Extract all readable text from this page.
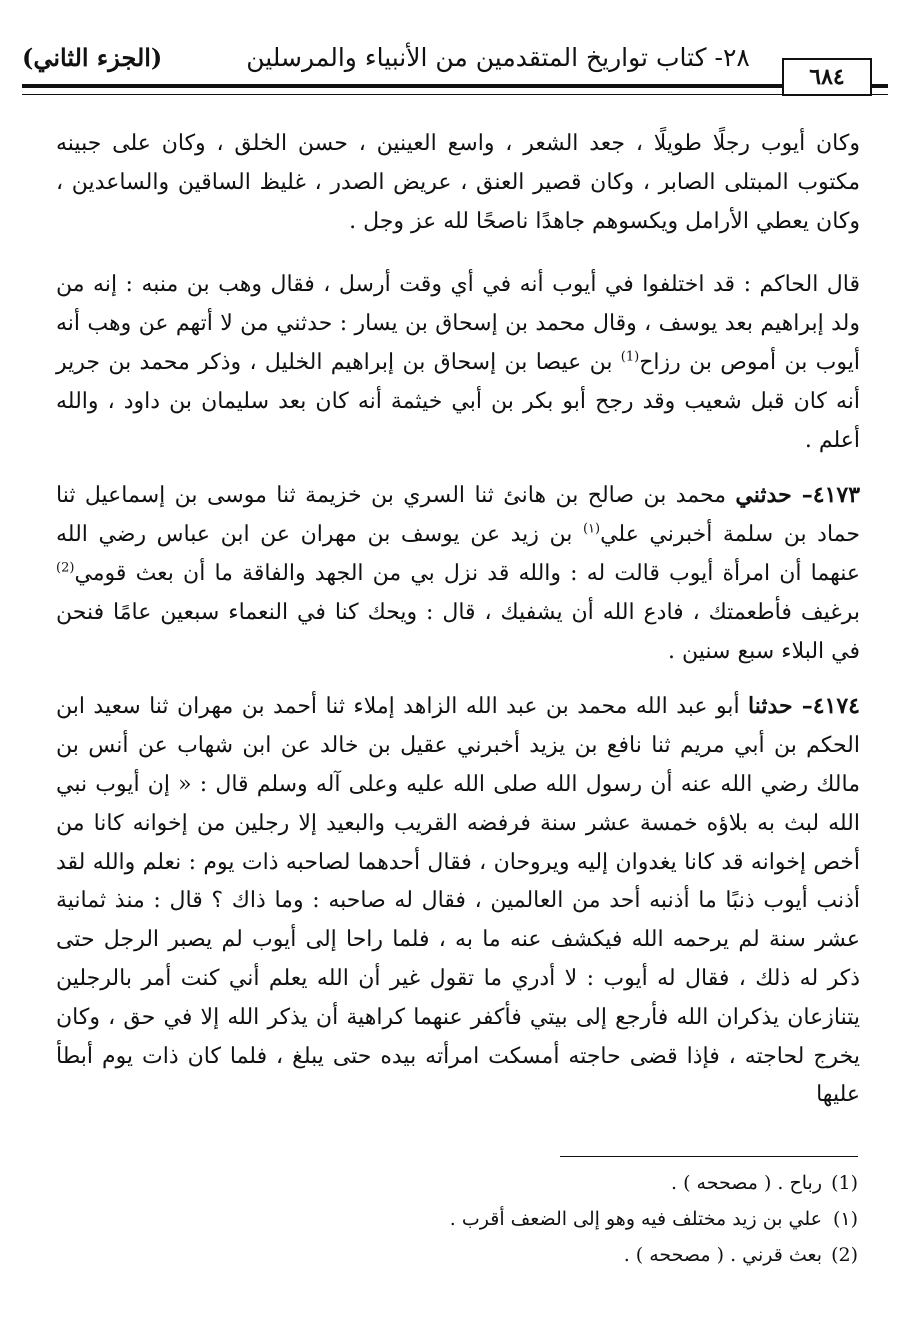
٢٨- كتاب تواريخ المتقدمين من الأنبياء والمرسلين
(الجزء الثاني)
٦٨٤

وكان أيوب رجلًا طويلًا ، جعد الشعر ، واسع العينين ، حسن الخلق ، وكان على جبينه مكتوب المبتلى الصابر ، وكان قصير العنق ، عريض الصدر ، غليظ الساقين والساعدين ، وكان يعطي الأرامل ويكسوهم جاهدًا ناصحًا لله عز وجل .

قال الحاكم : قد اختلفوا في أيوب أنه في أي وقت أرسل ، فقال وهب بن منبه : إنه من ولد إبراهيم بعد يوسف ، وقال محمد بن إسحاق بن يسار : حدثني من لا أتهم عن وهب أنه أيوب بن أموص بن رزاح$^{(1)}$ بن عيصا بن إسحاق بن إبراهيم الخليل ، وذكر محمد بن جرير أنه كان قبل شعيب وقد رجح أبو بكر بن أبي خيثمة أنه كان بعد سليمان بن داود ، والله أعلم .

٤١٧٣– حدثني محمد بن صالح بن هانئ ثنا السري بن خزيمة ثنا موسى بن إسماعيل ثنا حماد بن سلمة أخبرني علي$^{(١)}$ بن زيد عن يوسف بن مهران عن ابن عباس رضي الله عنهما أن امرأة أيوب قالت له : والله قد نزل بي من الجهد والفاقة ما أن بعث قومي$^{(2)}$ برغيف فأطعمتك ، فادع الله أن يشفيك ، قال : ويحك كنا في النعماء سبعين عامًا فنحن في البلاء سبع سنين .

٤١٧٤– حدثنا أبو عبد الله محمد بن عبد الله الزاهد إملاء ثنا أحمد بن مهران ثنا سعيد ابن الحكم بن أبي مريم ثنا نافع بن يزيد أخبرني عقيل بن خالد عن ابن شهاب عن أنس بن مالك رضي الله عنه أن رسول الله صلى الله عليه وعلى آله وسلم قال : « إن أيوب نبي الله لبث به بلاؤه خمسة عشر سنة فرفضه القريب والبعيد إلا رجلين من إخوانه كانا من أخص إخوانه قد كانا يغدوان إليه ويروحان ، فقال أحدهما لصاحبه ذات يوم : نعلم والله لقد أذنب أيوب ذنبًا ما أذنبه أحد من العالمين ، فقال له صاحبه : وما ذاك ؟ قال : منذ ثمانية عشر سنة لم يرحمه الله فيكشف عنه ما به ، فلما راحا إلى أيوب لم يصبر الرجل حتى ذكر له ذلك ، فقال له أيوب : لا أدري ما تقول غير أن الله يعلم أني كنت أمر بالرجلين يتنازعان يذكران الله فأرجع إلى بيتي فأكفر عنهما كراهية أن يذكر الله إلا في حق ، وكان يخرج لحاجته ، فإذا قضى حاجته أمسكت امرأته بيده حتى يبلغ ، فلما كان ذات يوم أبطأ عليها

(1)رباح . ( مصححه ) .

(١)علي بن زيد مختلف فيه وهو إلى الضعف أقرب .

(2)بعث قرني . ( مصححه ) .
